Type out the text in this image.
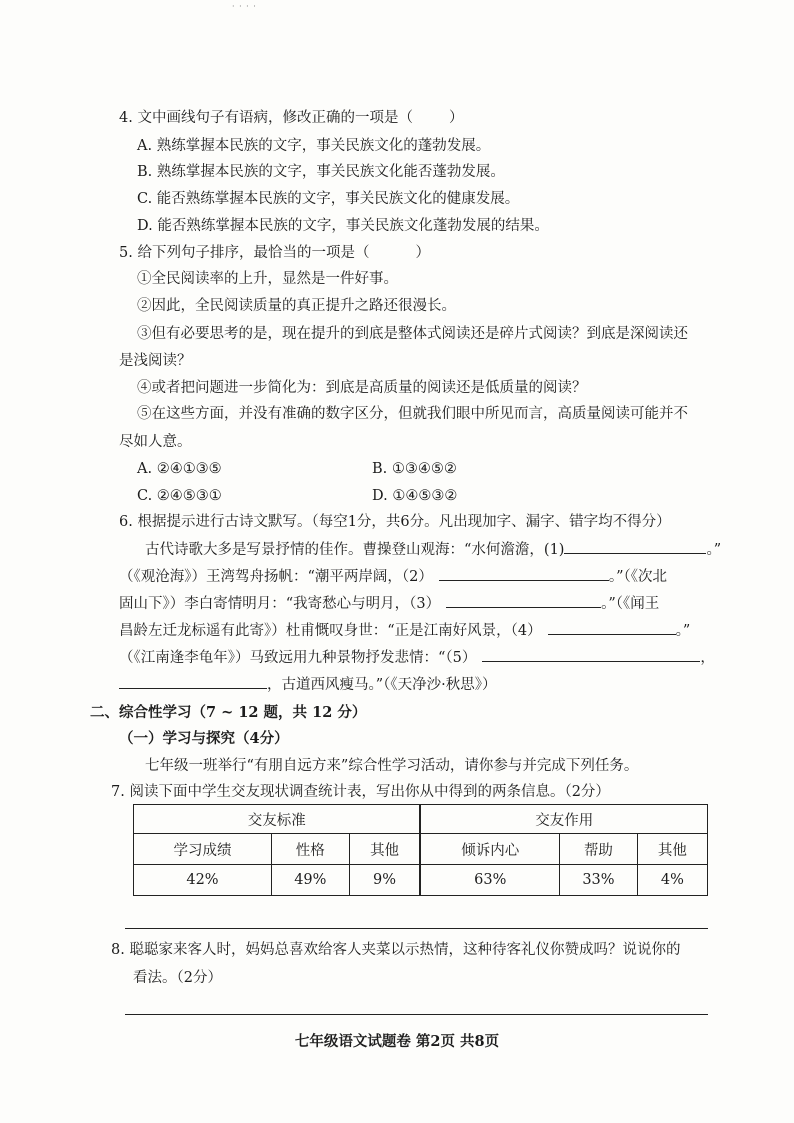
· · · ·
4. 文中画线句子有语病，修改正确的一项是（ ）
A. 熟练掌握本民族的文字，事关民族文化的蓬勃发展。
B. 熟练掌握本民族的文字，事关民族文化能否蓬勃发展。
C. 能否熟练掌握本民族的文字，事关民族文化的健康发展。
D. 能否熟练掌握本民族的文字，事关民族文化蓬勃发展的结果。
5. 给下列句子排序，最恰当的一项是（	）
①全民阅读率的上升，显然是一件好事。
②因此，全民阅读质量的真正提升之路还很漫长。
③但有必要思考的是，现在提升的到底是整体式阅读还是碎片式阅读？到底是深阅读还
是浅阅读？
④或者把问题进一步简化为：到底是高质量的阅读还是低质量的阅读？
⑤在这些方面，并没有准确的数字区分，但就我们眼中所见而言，高质量阅读可能并不
尽如人意。
A. ②④①③⑤	B. ①③④⑤②
C. ②④⑤③①	D. ①④⑤③②
6. 根据提示进行古诗文默写。（每空1分，共6分。凡出现加字、漏字、错字均不得分）
古代诗歌大多是写景抒情的佳作。曹操登山观海：“水何澹澹，(1)	。”
（《观沧海》）王湾驾舟扬帆：“潮平两岸阔，（2）	。”（《次北
固山下》）李白寄情明月：“我寄愁心与明月，（3）	。”（《闻王
昌龄左迁龙标遥有此寄》）杜甫慨叹身世：“正是江南好风景，（4）	。”
（《江南逢李龟年》）马致远用九种景物抒发悲情：“（5）	，
，古道西风瘦马。”（《天净沙·秋思》）
二、综合性学习（7 ~ 12 题，共 12 分）
（一）学习与探究（4分）
七年级一班举行“有朋自远方来”综合性学习活动，请你参与并完成下列任务。
7. 阅读下面中学生交友现状调查统计表，写出你从中得到的两条信息。（2分）
交友标准			交友作用		
学习成绩	性格	其他	倾诉内心	帮助	其他
42%	49%	9%	63%	33%	4%
8. 聪聪家来客人时，妈妈总喜欢给客人夹菜以示热情，这种待客礼仪你赞成吗？说说你的
看法。（2分）
七年级语文试题卷 第2页 共8页
